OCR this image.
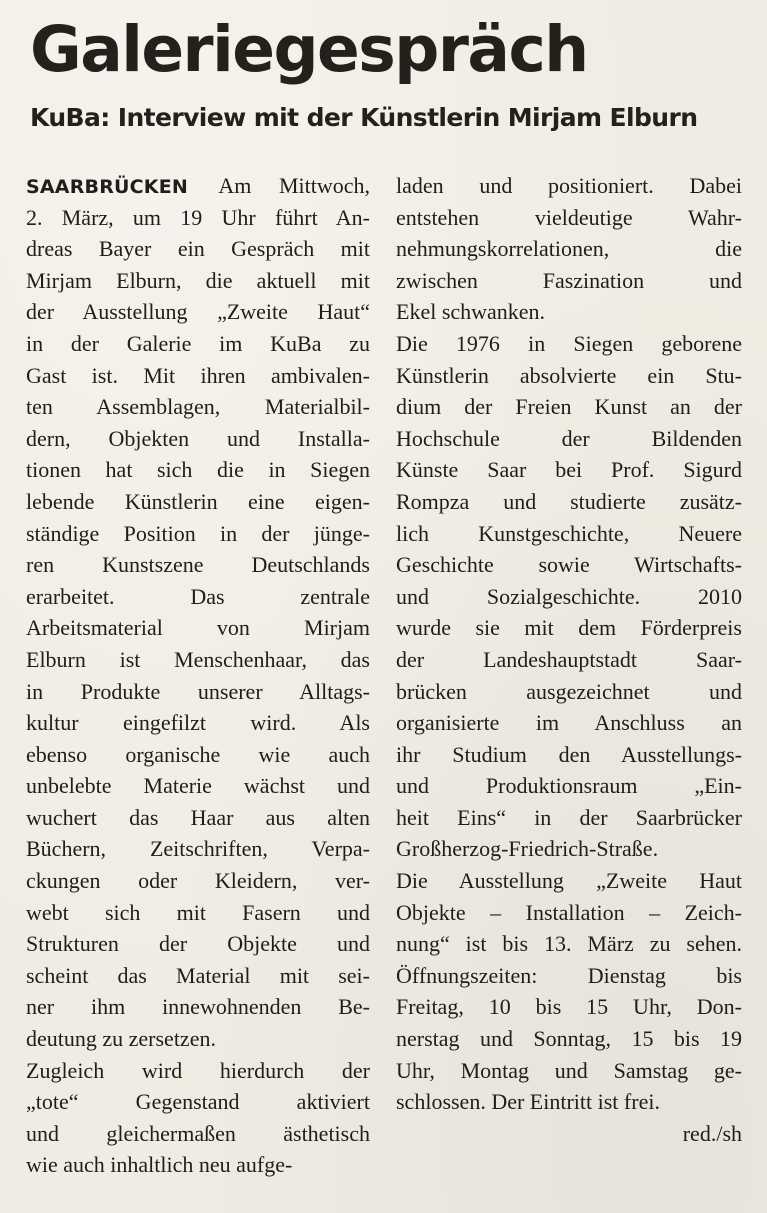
Galeriegespräch
KuBa: Interview mit der Künstlerin Mirjam Elburn
SAARBRÜCKEN Am Mittwoch,
2. März, um 19 Uhr führt An-
dreas Bayer ein Gespräch mit
Mirjam Elburn, die aktuell mit
der Ausstellung „Zweite Haut“
in der Galerie im KuBa zu
Gast ist. Mit ihren ambivalen-
ten Assemblagen, Materialbil-
dern, Objekten und Installa-
tionen hat sich die in Siegen
lebende Künstlerin eine eigen-
ständige Position in der jünge-
ren Kunstszene Deutschlands
erarbeitet. Das zentrale
Arbeitsmaterial von Mirjam
Elburn ist Menschenhaar, das
in Produkte unserer Alltags-
kultur eingefilzt wird. Als
ebenso organische wie auch
unbelebte Materie wächst und
wuchert das Haar aus alten
Büchern, Zeitschriften, Verpa-
ckungen oder Kleidern, ver-
webt sich mit Fasern und
Strukturen der Objekte und
scheint das Material mit sei-
ner ihm innewohnenden Be-
deutung zu zersetzen.
Zugleich wird hierdurch der
„tote“ Gegenstand aktiviert
und gleichermaßen ästhetisch
wie auch inhaltlich neu aufge-
laden und positioniert. Dabei
entstehen vieldeutige Wahr-
nehmungskorrelationen, die
zwischen Faszination und
Ekel schwanken.
Die 1976 in Siegen geborene
Künstlerin absolvierte ein Stu-
dium der Freien Kunst an der
Hochschule der Bildenden
Künste Saar bei Prof. Sigurd
Rompza und studierte zusätz-
lich Kunstgeschichte, Neuere
Geschichte sowie Wirtschafts-
und Sozialgeschichte. 2010
wurde sie mit dem Förderpreis
der Landeshauptstadt Saar-
brücken ausgezeichnet und
organisierte im Anschluss an
ihr Studium den Ausstellungs-
und Produktionsraum „Ein-
heit Eins“ in der Saarbrücker
Großherzog-Friedrich-Straße.
Die Ausstellung „Zweite Haut
Objekte – Installation – Zeich-
nung“ ist bis 13. März zu sehen.
Öffnungszeiten: Dienstag bis
Freitag, 10 bis 15 Uhr, Don-
nerstag und Sonntag, 15 bis 19
Uhr, Montag und Samstag ge-
schlossen. Der Eintritt ist frei.
red./sh
